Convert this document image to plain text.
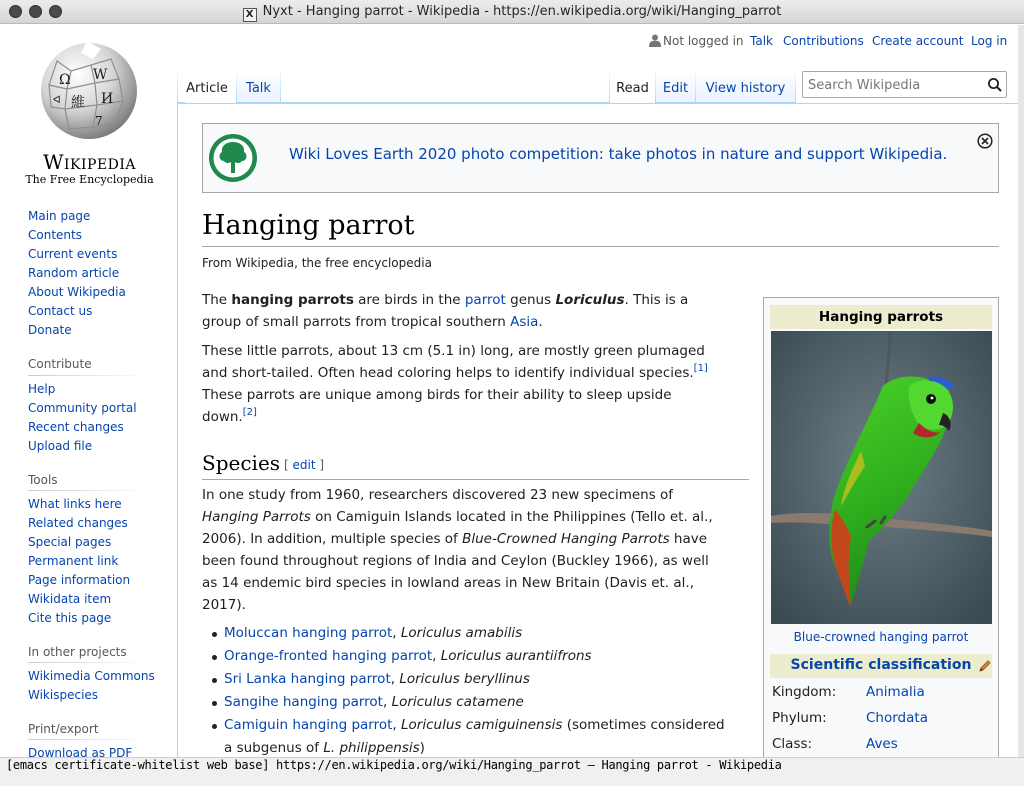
X Nyxt - Hanging parrot - Wikipedia - https://en.wikipedia.org/wiki/Hanging_parrot
Ω W
維 И
7
ᐊ
Wikipedia
The Free Encyclopedia
Main page
Contents
Current events
Random article
About Wikipedia
Contact us
Donate
Contribute
Help
Community portal
Recent changes
Upload file
Tools
What links here
Related changes
Special pages
Permanent link
Page information
Wikidata item
Cite this page
In other projects
Wikimedia Commons
Wikispecies
Print/export
Download as PDF
Not logged in Talk Contributions Create account Log in
Article	Talk	Read	Edit	View history
Search Wikipedia
Wiki Loves Earth 2020 photo competition: take photos in nature and support Wikipedia.
Hanging parrot
From Wikipedia, the free encyclopedia
The hanging parrots are birds in the parrot genus Loriculus. This is a
group of small parrots from tropical southern Asia.
These little parrots, about 13 cm (5.1 in) long, are mostly green plumaged
and short-tailed. Often head coloring helps to identify individual species.[1]
These parrots are unique among birds for their ability to sleep upside
down.[2]
Species [ edit ]
In one study from 1960, researchers discovered 23 new specimens of
Hanging Parrots on Camiguin Islands located in the Philippines (Tello et. al.,
2006). In addition, multiple species of Blue-Crowned Hanging Parrots have
been found throughout regions of India and Ceylon (Buckley 1966), as well
as 14 endemic bird species in lowland areas in New Britain (Davis et. al.,
2017).
Moluccan hanging parrot, Loriculus amabilis
Orange-fronted hanging parrot, Loriculus aurantiifrons
Sri Lanka hanging parrot, Loriculus beryllinus
Sangihe hanging parrot, Loriculus catamene
Camiguin hanging parrot, Loriculus camiguinensis (sometimes considered
a subgenus of L. philippensis)
Hanging parrots
Blue-crowned hanging parrot
Scientific classification
Kingdom: Animalia
Phylum:	Chordata
Class:	Aves
[emacs certificate-whitelist web base] https://en.wikipedia.org/wiki/Hanging_parrot — Hanging parrot - Wikipedia
